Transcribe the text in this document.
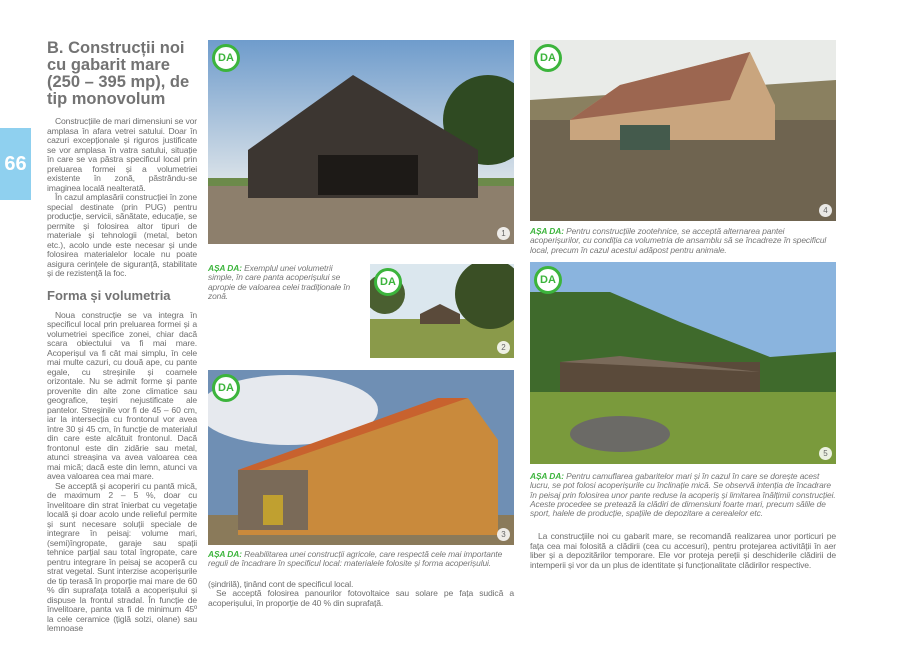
66
B. Construcții noi cu gabarit mare (250 – 395 mp), de tip monovolum

Construcțiile de mari dimensiuni se vor amplasa în afara vetrei satului. Doar în cazuri excepționale și riguros justificate se vor amplasa în vatra satului, situație în care se va păstra specificul local prin preluarea formei și a volumetriei existente în zonă, păstrându-se imaginea locală nealterată.

În cazul amplasării construcției în zone special destinate (prin PUG) pentru producție, servicii, sănătate, educație, se permite și folosirea altor tipuri de materiale și tehnologii (metal, beton etc.), acolo unde este necesar și unde folosirea materialelor locale nu poate asigura cerințele de siguranță, stabilitate și de rezistență la foc.

Forma și volumetria

Noua construcție se va integra în specificul local prin preluarea formei și a volumetriei specifice zonei, chiar dacă scara obiectului va fi mai mare. Acoperișul va fi cât mai simplu, în cele mai multe cazuri, cu două ape, cu pante egale, cu streșinile și coamele orizontale. Nu se admit forme și pante provenite din alte zone climatice sau geografice, teșiri nejustificate ale pantelor. Streșinile vor fi de 45 – 60 cm, iar la intersecția cu frontonul vor avea între 30 și 45 cm, în funcție de materialul din care este alcătuit frontonul. Dacă frontonul este din zidărie sau metal, atunci streașina va avea valoarea cea mai mică; dacă este din lemn, atunci va avea valoarea cea mai mare.

Se acceptă și acoperiri cu pantă mică, de maximum 2 – 5 %, doar cu învelitoare din strat înierbat cu vegetație locală și doar acolo unde relieful permite și sunt necesare soluții speciale de integrare în peisaj: volume mari, (semi)îngropate, garaje sau spații tehnice parțial sau total îngropate, care pentru integrare în peisaj se acoperă cu strat vegetal. Sunt interzise acoperișurile de tip terasă în proporție mai mare de 60 % din suprafața totală a acoperișului și dispuse la frontul stradal. În funcție de învelitoare, panta va fi de minimum 45º la cele ceramice (țiglă solzi, olane) sau lemnoase

DA
1
AȘA DA: Exemplul unei volumetrii simple, în care panta acoperișului se apropie de valoarea celei tradiționale în zonă.
DA
2
DA
3
AȘA DA: Reabilitarea unei construcții agricole, care respectă cele mai importante reguli de încadrare în specificul local: materialele folosite și forma acoperișului.
(șindrilă), ținând cont de specificul local.

Se acceptă folosirea panourilor fotovoltaice sau solare pe fața sudică a acoperișului, în proporție de 40 % din suprafață.

DA
4
AȘA DA: Pentru construcțiile zootehnice, se acceptă alternarea pantei acoperișurilor, cu condiția ca volumetria de ansamblu să se încadreze în specificul local, precum în cazul acestui adăpost pentru animale.
DA
5
AȘA DA: Pentru camuflarea gabaritelor mari și în cazul în care se dorește acest lucru, se pot folosi acoperișurile cu înclinație mică. Se observă intenția de încadrare în peisaj prin folosirea unor pante reduse la acoperiș și limitarea înălțimii construcției. Aceste procedee se pretează la clădiri de dimensiuni foarte mari, precum sălile de sport, halele de producție, spațiile de depozitare a cerealelor etc.

La construcțiile noi cu gabarit mare, se recomandă realizarea unor porticuri pe fața cea mai folosită a clădirii (cea cu accesuri), pentru protejarea activității în aer liber și a depozitărilor temporare. Ele vor proteja pereții și deschiderile clădirii de intemperii și vor da un plus de identitate și funcționalitate clădirilor respective.
